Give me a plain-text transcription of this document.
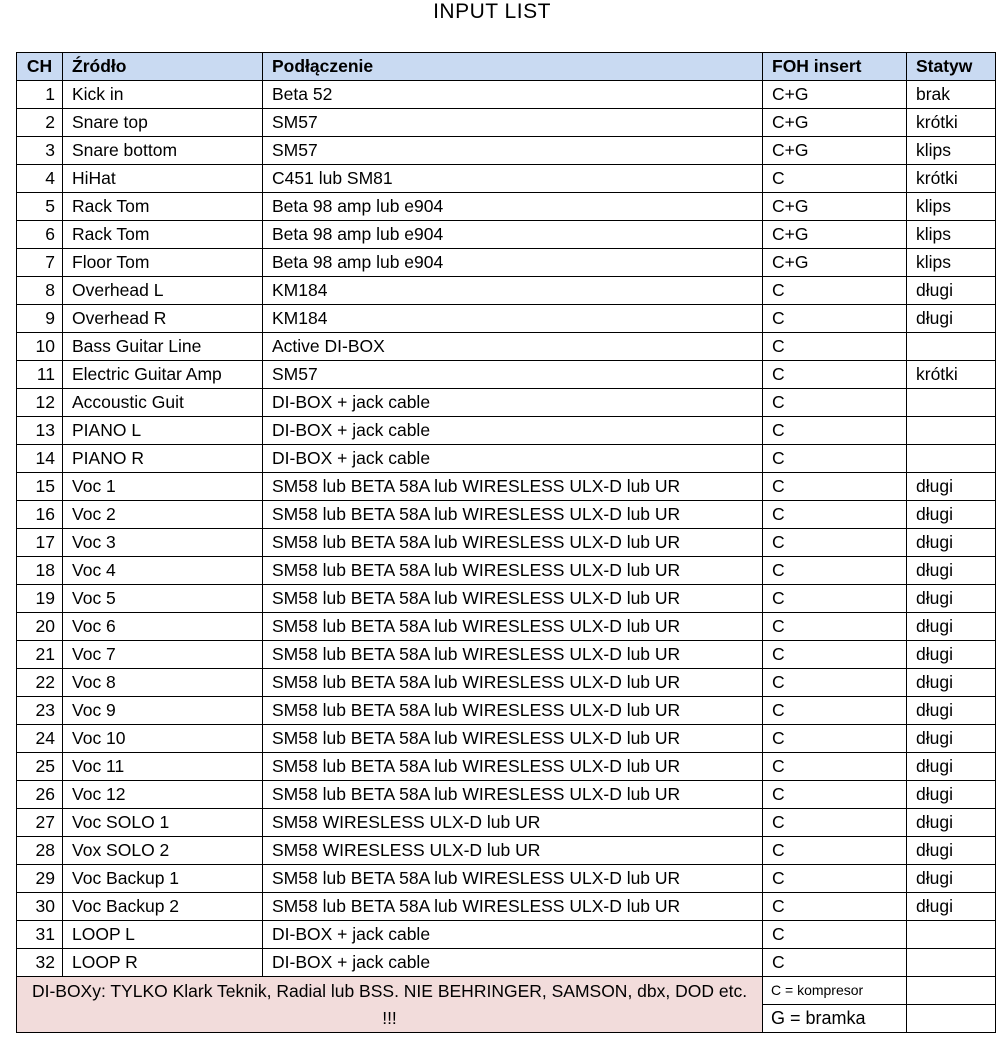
INPUT LIST
CH	Źródło	Podłączenie	FOH insert	Statyw
1	Kick in	Beta 52	C+G	brak
2	Snare top	SM57	C+G	krótki
3	Snare bottom	SM57	C+G	klips
4	HiHat	C451 lub SM81	C	krótki
5	Rack Tom	Beta 98 amp lub e904	C+G	klips
6	Rack Tom	Beta 98 amp lub e904	C+G	klips
7	Floor Tom	Beta 98 amp lub e904	C+G	klips
8	Overhead L	KM184	C	długi
9	Overhead R	KM184	C	długi
10	Bass Guitar Line	Active DI-BOX	C	
11	Electric Guitar Amp	SM57	C	krótki
12	Accoustic Guit	DI-BOX + jack cable	C	
13	PIANO L	DI-BOX + jack cable	C	
14	PIANO R	DI-BOX + jack cable	C	
15	Voc 1	SM58 lub BETA 58A lub WIRESLESS ULX-D lub UR	C	długi
16	Voc 2	SM58 lub BETA 58A lub WIRESLESS ULX-D lub UR	C	długi
17	Voc 3	SM58 lub BETA 58A lub WIRESLESS ULX-D lub UR	C	długi
18	Voc 4	SM58 lub BETA 58A lub WIRESLESS ULX-D lub UR	C	długi
19	Voc 5	SM58 lub BETA 58A lub WIRESLESS ULX-D lub UR	C	długi
20	Voc 6	SM58 lub BETA 58A lub WIRESLESS ULX-D lub UR	C	długi
21	Voc 7	SM58 lub BETA 58A lub WIRESLESS ULX-D lub UR	C	długi
22	Voc 8	SM58 lub BETA 58A lub WIRESLESS ULX-D lub UR	C	długi
23	Voc 9	SM58 lub BETA 58A lub WIRESLESS ULX-D lub UR	C	długi
24	Voc 10	SM58 lub BETA 58A lub WIRESLESS ULX-D lub UR	C	długi
25	Voc 11	SM58 lub BETA 58A lub WIRESLESS ULX-D lub UR	C	długi
26	Voc 12	SM58 lub BETA 58A lub WIRESLESS ULX-D lub UR	C	długi
27	Voc SOLO 1	SM58 WIRESLESS ULX-D lub UR	C	długi
28	Vox SOLO 2	SM58 WIRESLESS ULX-D lub UR	C	długi
29	Voc Backup 1	SM58 lub BETA 58A lub WIRESLESS ULX-D lub UR	C	długi
30	Voc Backup 2	SM58 lub BETA 58A lub WIRESLESS ULX-D lub UR	C	długi
31	LOOP L	DI-BOX + jack cable	C	
32	LOOP R	DI-BOX + jack cable	C	
DI-BOXy: TYLKO Klark Teknik, Radial lub BSS. NIE BEHRINGER, SAMSON, dbx, DOD etc. !!!			C = kompresor	
			G = bramka	
